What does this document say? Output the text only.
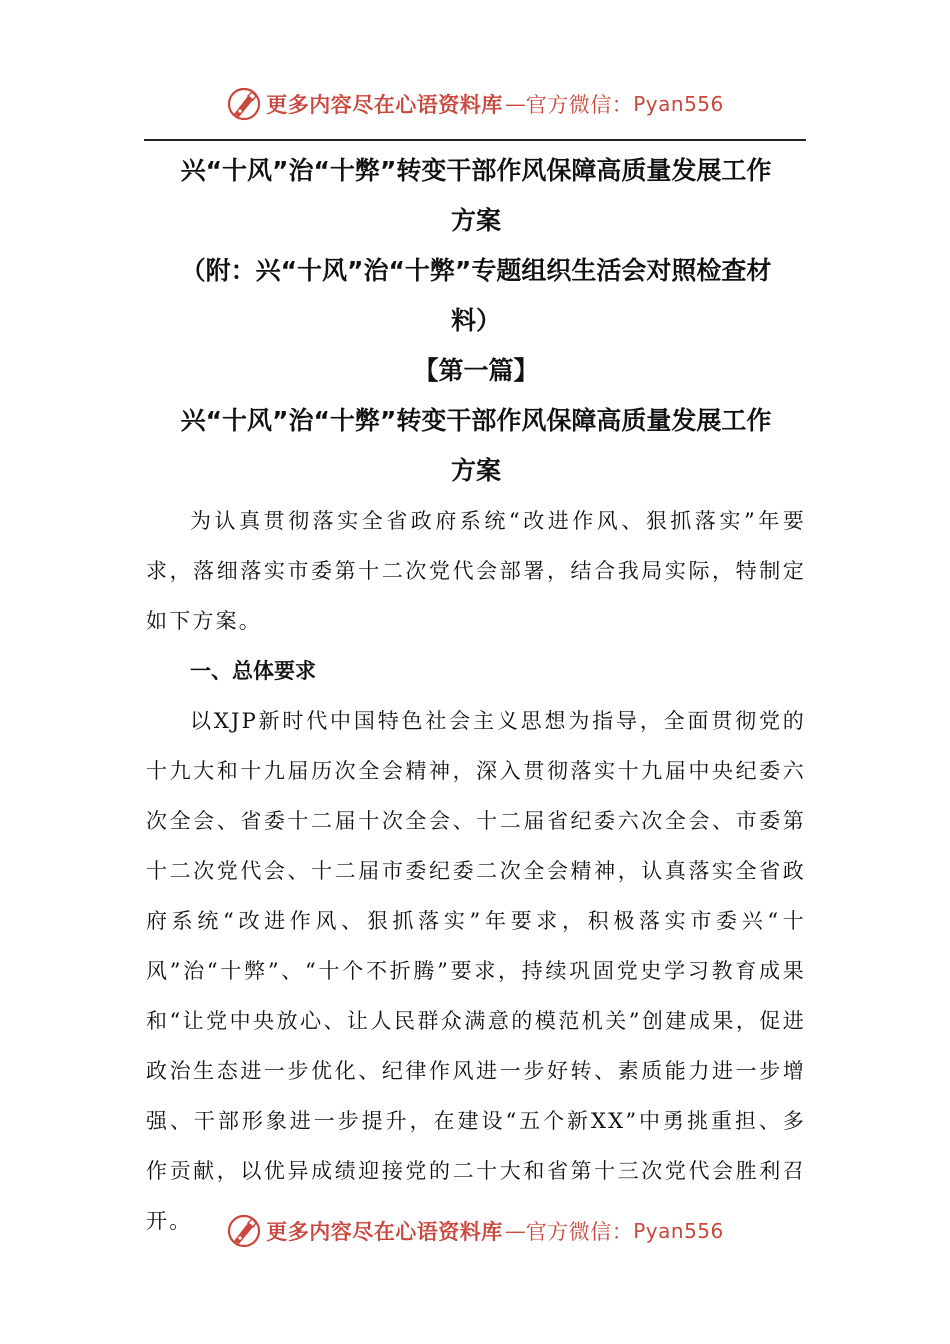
更多内容尽在心语资料库 — 官方微信： Pyan556

兴“十风”治“十弊”转变干部作风保障高质量发展工作

方案

（附：兴“十风”治“十弊”专题组织生活会对照检查材

料）

【第一篇】

兴“十风”治“十弊”转变干部作风保障高质量发展工作

方案

为认真贯彻落实全省政府系统“改进作风、狠抓落实”年要求，落细落实市委第十二次党代会部署，结合我局实际，特制定如下方案。

一、总体要求

以XJP新时代中国特色社会主义思想为指导，全面贯彻党的十九大和十九届历次全会精神，深入贯彻落实十九届中央纪委六次全会、省委十二届十次全会、十二届省纪委六次全会、市委第十二次党代会、十二届市委纪委二次全会精神，认真落实全省政府系统“改进作风、狠抓落实”年要求，积极落实市委兴“十风”治“十弊”、“十个不折腾”要求，持续巩固党史学习教育成果和“让党中央放心、让人民群众满意的模范机关”创建成果，促进政治生态进一步优化、纪律作风进一步好转、素质能力进一步增强、干部形象进一步提升，在建设“五个新XX”中勇挑重担、多作贡献，以优异成绩迎接党的二十大和省第十三次党代会胜利召开。	更多内容尽在心语资料库 — 官方微信： Pyan556
